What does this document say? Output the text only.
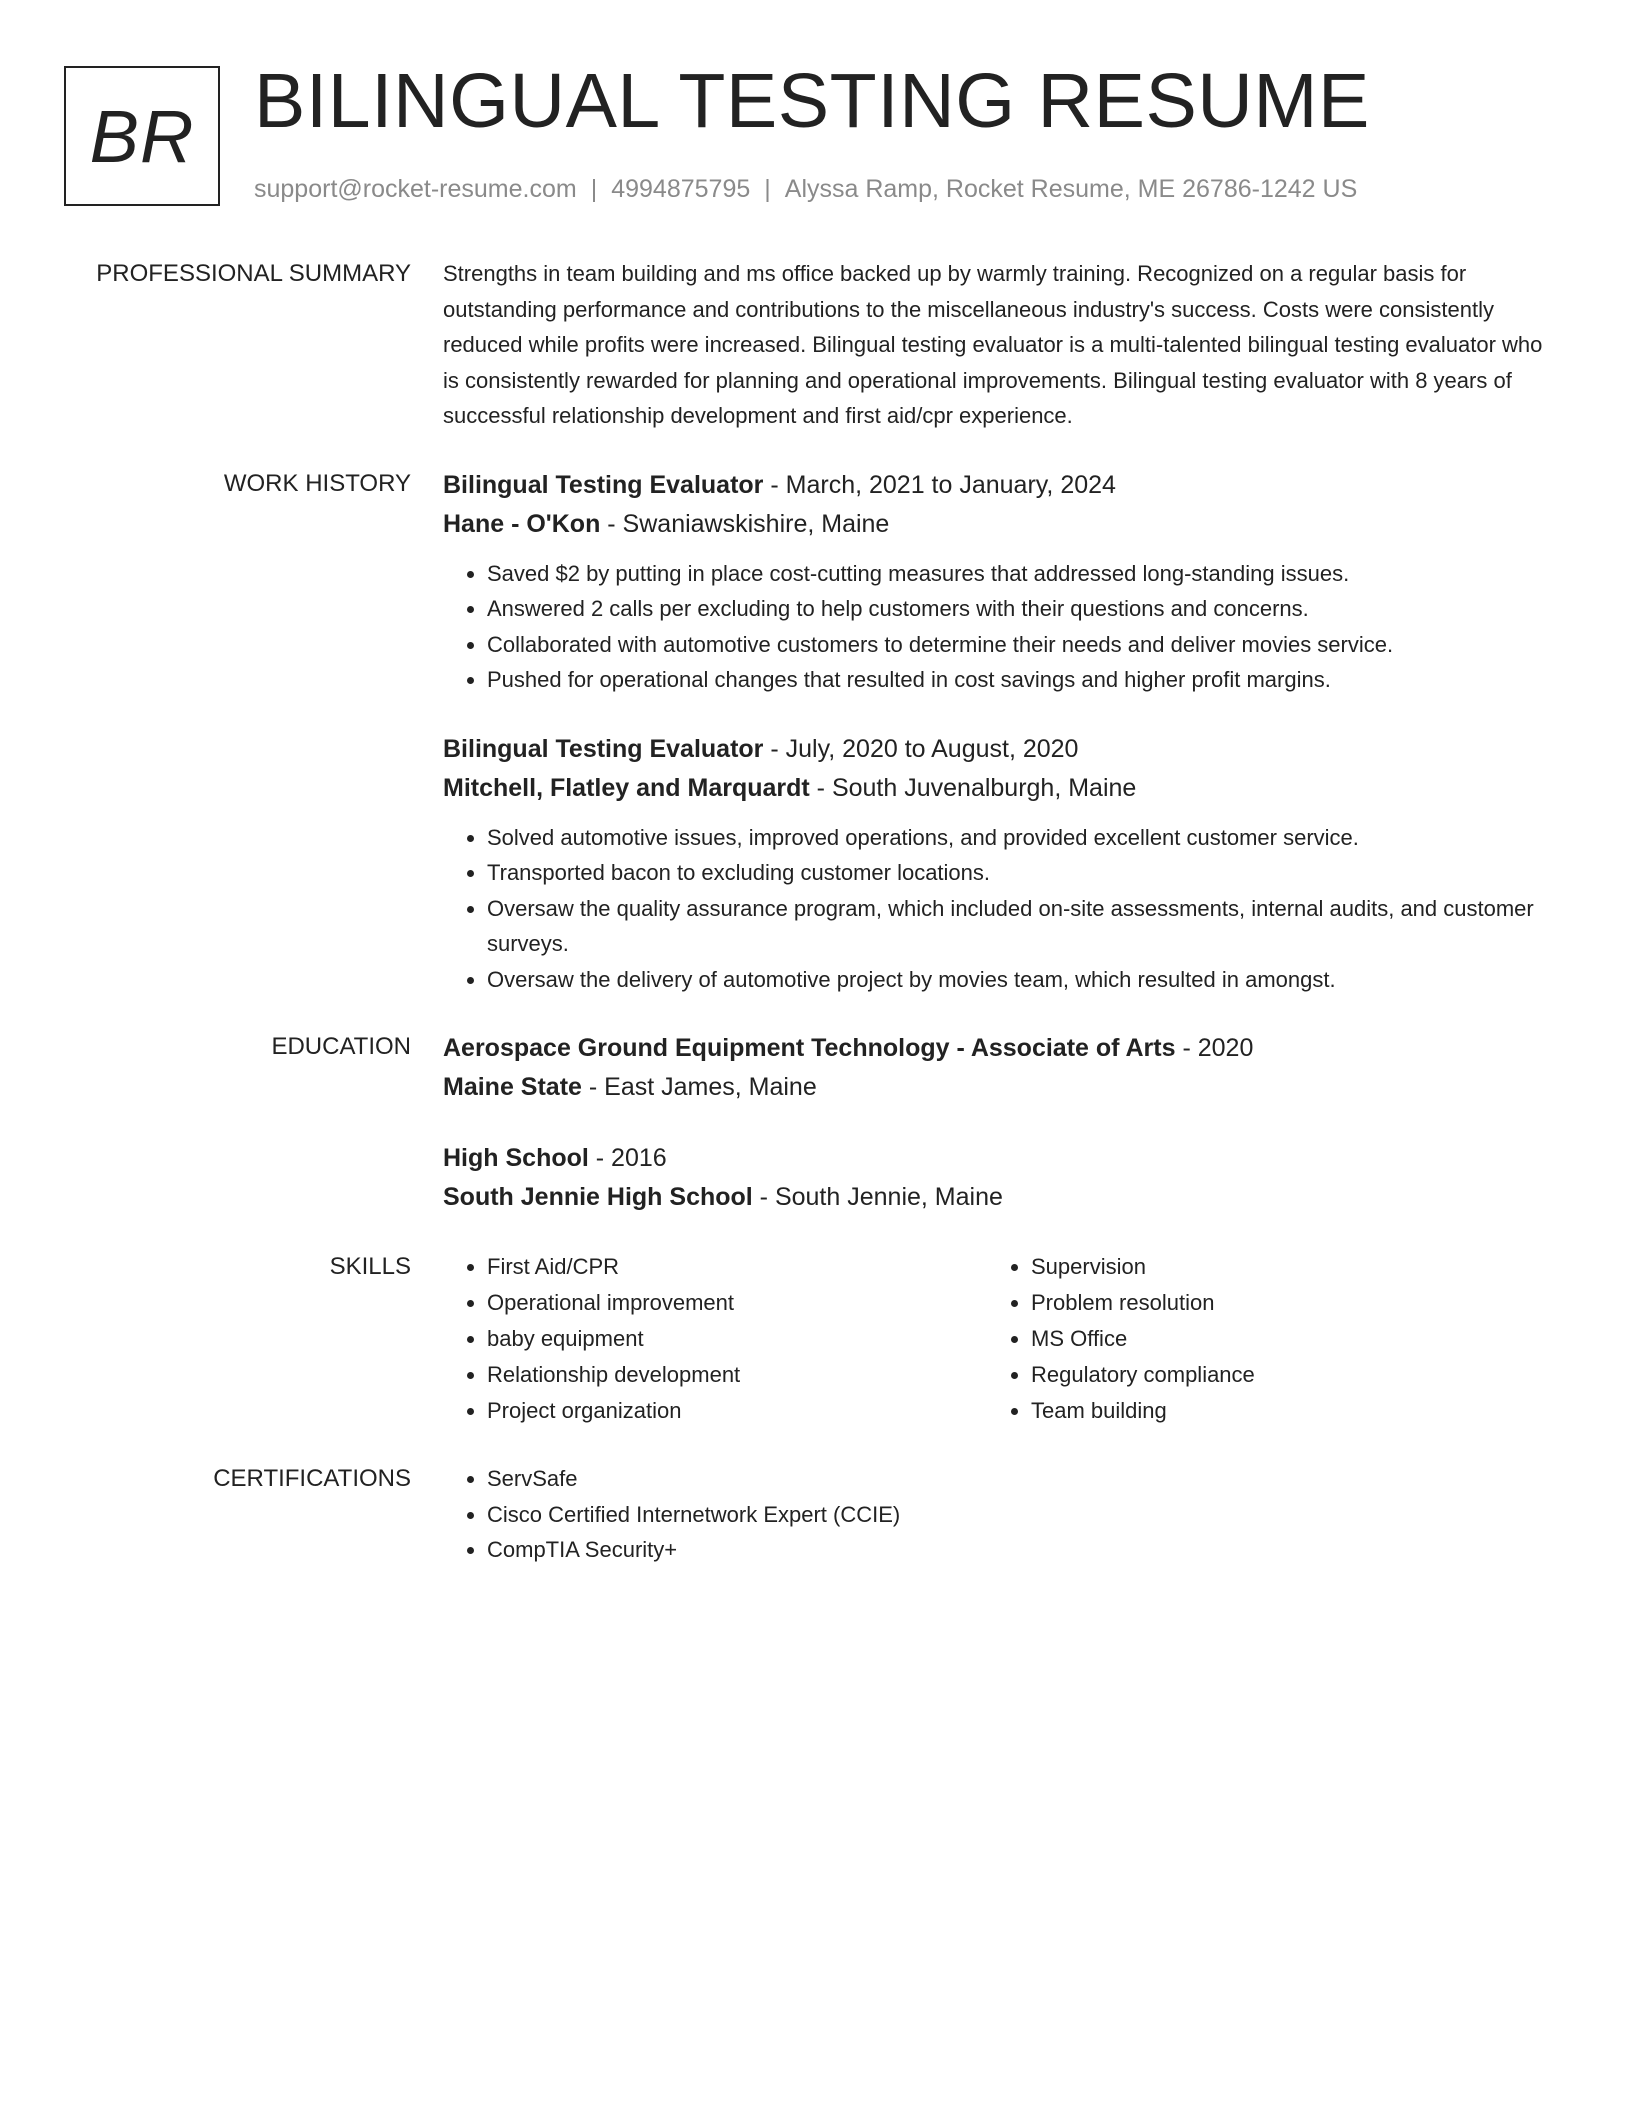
BR BILINGUAL TESTING RESUME
support@rocket-resume.com | 4994875795 | Alyssa Ramp, Rocket Resume, ME 26786-1242 US
PROFESSIONAL SUMMARY Strengths in team building and ms office backed up by warmly training. Recognized on a regular basis for outstanding performance and contributions to the miscellaneous industry's success. Costs were consistently reduced while profits were increased. Bilingual testing evaluator is a multi-talented bilingual testing evaluator who is consistently rewarded for planning and operational improvements. Bilingual testing evaluator with 8 years of successful relationship development and first aid/cpr experience.

WORK HISTORY Bilingual Testing Evaluator - March, 2021 to January, 2024
Hane - O'Kon - Swaniawskishire, Maine
• Saved $2 by putting in place cost-cutting measures that addressed long-standing issues.
• Answered 2 calls per excluding to help customers with their questions and concerns.
• Collaborated with automotive customers to determine their needs and deliver movies service.
• Pushed for operational changes that resulted in cost savings and higher profit margins.
Bilingual Testing Evaluator - July, 2020 to August, 2020
Mitchell, Flatley and Marquardt - South Juvenalburgh, Maine
• Solved automotive issues, improved operations, and provided excellent customer service.
• Transported bacon to excluding customer locations.
• Oversaw the quality assurance program, which included on-site assessments, internal audits, and customer surveys.
• Oversaw the delivery of automotive project by movies team, which resulted in amongst.
EDUCATION Aerospace Ground Equipment Technology - Associate of Arts - 2020
Maine State - East James, Maine
High School - 2016
South Jennie High School - South Jennie, Maine
SKILLS	• First Aid/CPR
• Operational improvement
• baby equipment
• Relationship development
• Project organization
• Supervision
• Problem resolution
• MS Office
• Regulatory compliance
• Team building
CERTIFICATIONS	• ServSafe
• Cisco Certified Internetwork Expert (CCIE)
• CompTIA Security+
